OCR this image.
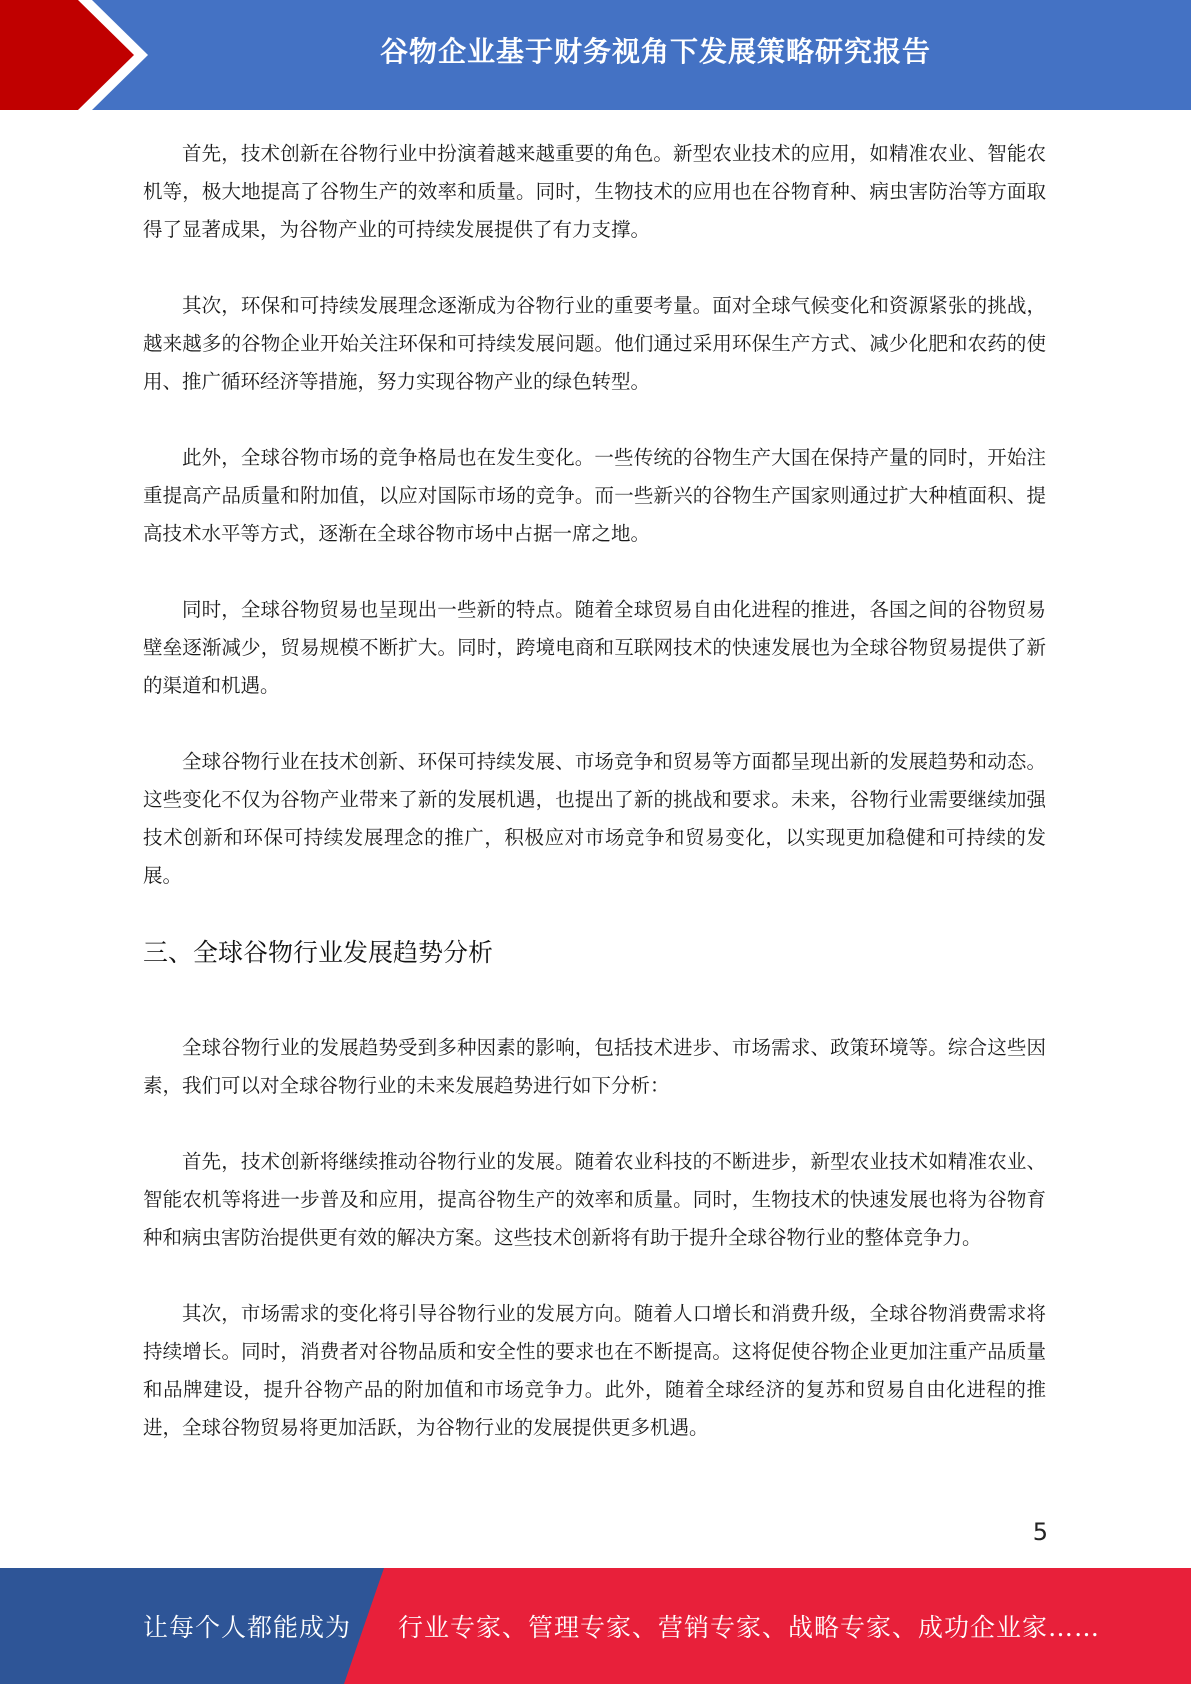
谷物企业基于财务视角下发展策略研究报告

首先，技术创新在谷物行业中扮演着越来越重要的角色。新型农业技术的应用，如精准农业、智能农机等，极大地提高了谷物生产的效率和质量。同时，生物技术的应用也在谷物育种、病虫害防治等方面取得了显著成果，为谷物产业的可持续发展提供了有力支撑。

其次，环保和可持续发展理念逐渐成为谷物行业的重要考量。面对全球气候变化和资源紧张的挑战，越来越多的谷物企业开始关注环保和可持续发展问题。他们通过采用环保生产方式、减少化肥和农药的使用、推广循环经济等措施，努力实现谷物产业的绿色转型。

此外，全球谷物市场的竞争格局也在发生变化。一些传统的谷物生产大国在保持产量的同时，开始注重提高产品质量和附加值，以应对国际市场的竞争。而一些新兴的谷物生产国家则通过扩大种植面积、提高技术水平等方式，逐渐在全球谷物市场中占据一席之地。

同时，全球谷物贸易也呈现出一些新的特点。随着全球贸易自由化进程的推进，各国之间的谷物贸易壁垒逐渐减少，贸易规模不断扩大。同时，跨境电商和互联网技术的快速发展也为全球谷物贸易提供了新的渠道和机遇。

全球谷物行业在技术创新、环保可持续发展、市场竞争和贸易等方面都呈现出新的发展趋势和动态。这些变化不仅为谷物产业带来了新的发展机遇，也提出了新的挑战和要求。未来，谷物行业需要继续加强技术创新和环保可持续发展理念的推广，积极应对市场竞争和贸易变化，以实现更加稳健和可持续的发展。

三、全球谷物行业发展趋势分析

全球谷物行业的发展趋势受到多种因素的影响，包括技术进步、市场需求、政策环境等。综合这些因素，我们可以对全球谷物行业的未来发展趋势进行如下分析：

首先，技术创新将继续推动谷物行业的发展。随着农业科技的不断进步，新型农业技术如精准农业、智能农机等将进一步普及和应用，提高谷物生产的效率和质量。同时，生物技术的快速发展也将为谷物育种和病虫害防治提供更有效的解决方案。这些技术创新将有助于提升全球谷物行业的整体竞争力。

其次，市场需求的变化将引导谷物行业的发展方向。随着人口增长和消费升级，全球谷物消费需求将持续增长。同时，消费者对谷物品质和安全性的要求也在不断提高。这将促使谷物企业更加注重产品质量和品牌建设，提升谷物产品的附加值和市场竞争力。此外，随着全球经济的复苏和贸易自由化进程的推进，全球谷物贸易将更加活跃，为谷物行业的发展提供更多机遇。

5
让每个人都能成为 行业专家、管理专家、营销专家、战略专家、成功企业家……
